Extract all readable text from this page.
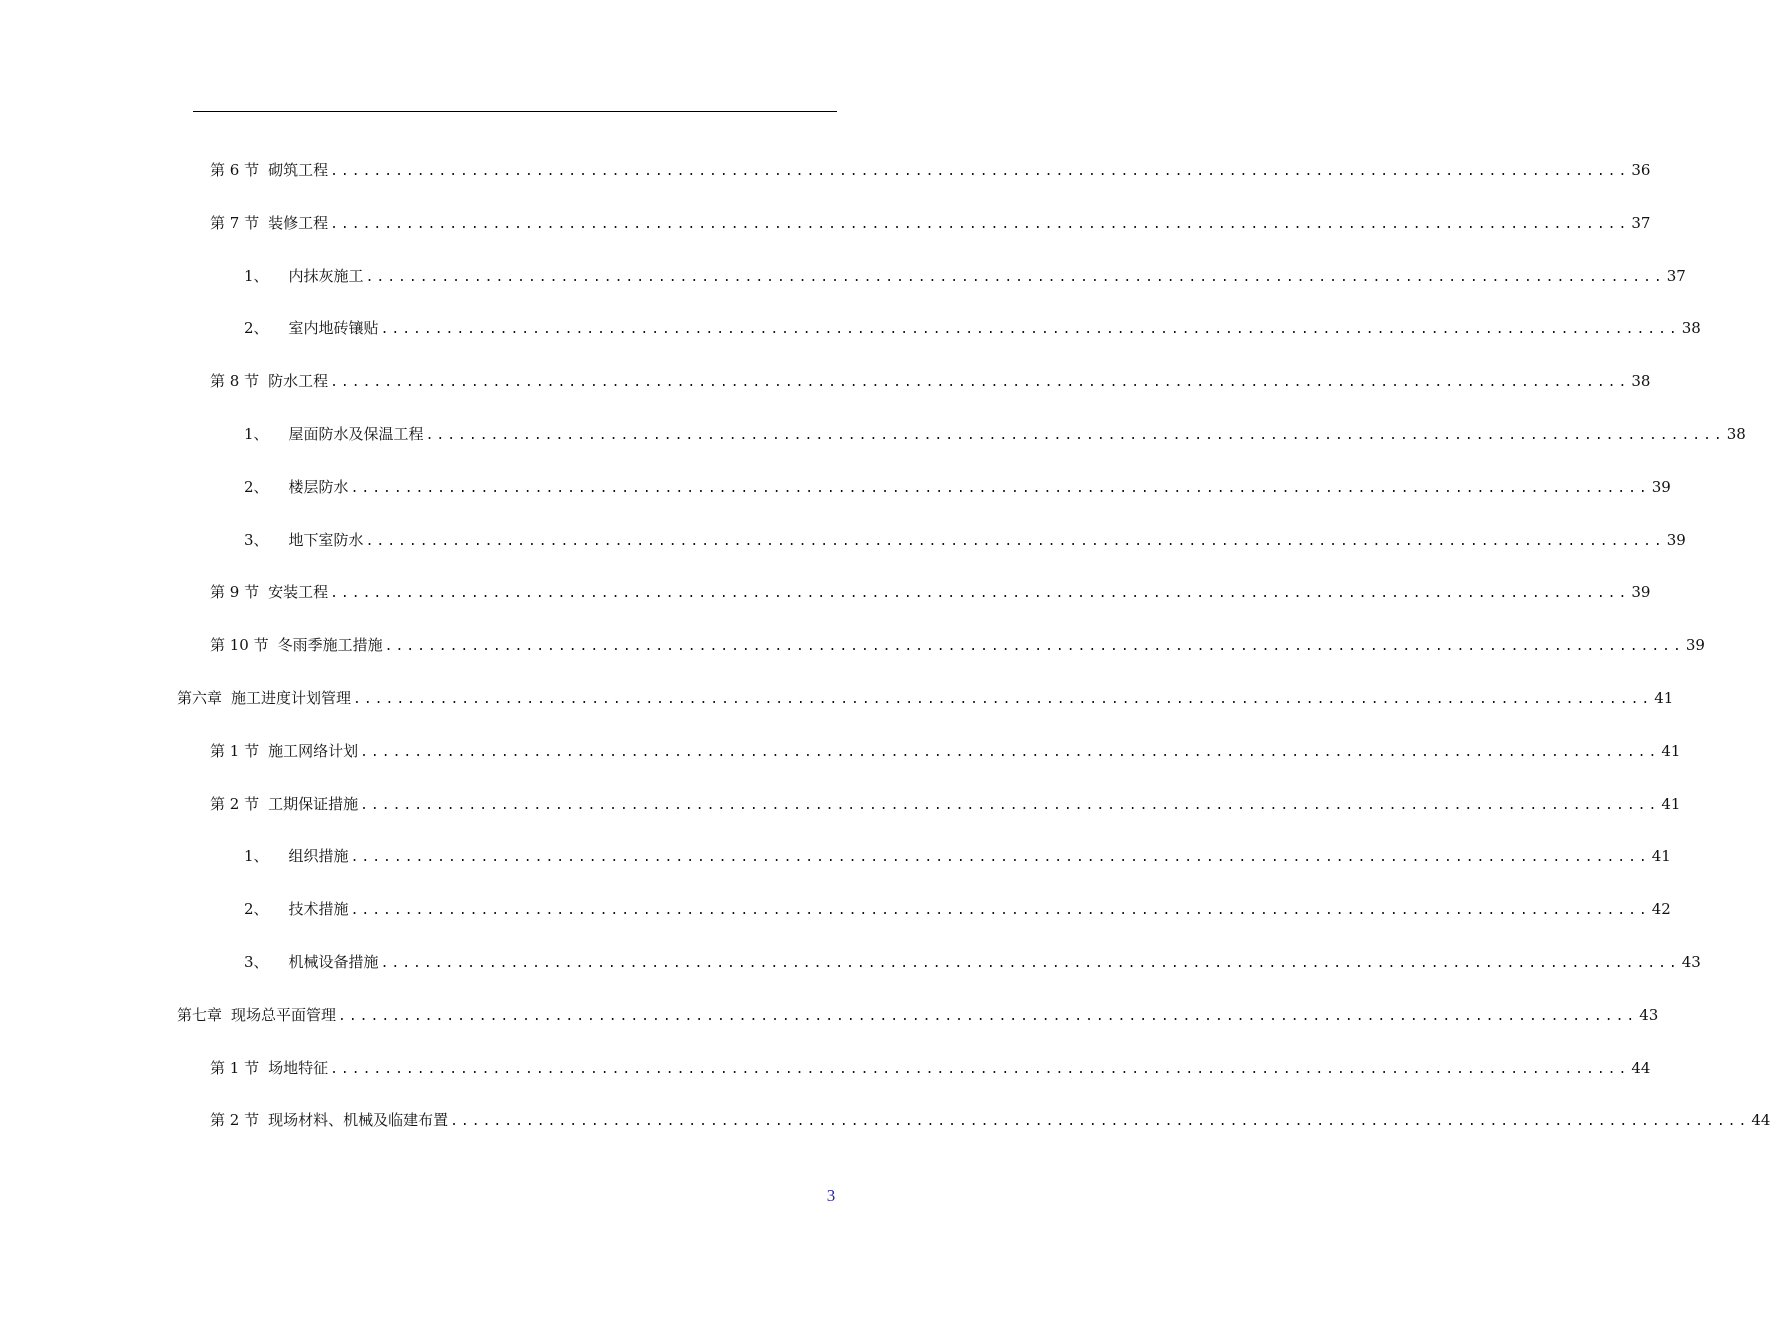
第 6 节 砌筑工程 ........................................................................................................................ 36
第 7 节 装修工程 ........................................................................................................................ 37
1、 内抹灰施工 ........................................................................................................................ 37
2、 室内地砖镶贴 ........................................................................................................................ 38
第 8 节 防水工程 ........................................................................................................................ 38
1、 屋面防水及保温工程 ........................................................................................................................ 38
2、 楼层防水 ........................................................................................................................ 39
3、 地下室防水 ........................................................................................................................ 39
第 9 节 安装工程 ........................................................................................................................ 39
第 10 节 冬雨季施工措施 ........................................................................................................................ 39
第六章 施工进度计划管理 ........................................................................................................................ 41
第 1 节 施工网络计划 ........................................................................................................................ 41
第 2 节 工期保证措施 ........................................................................................................................ 41
1、 组织措施 ........................................................................................................................ 41
2、 技术措施 ........................................................................................................................ 42
3、 机械设备措施 ........................................................................................................................ 43
第七章 现场总平面管理 ........................................................................................................................ 43
第 1 节 场地特征 ........................................................................................................................ 44
第 2 节 现场材料、机械及临建布置 ........................................................................................................................ 44
3
